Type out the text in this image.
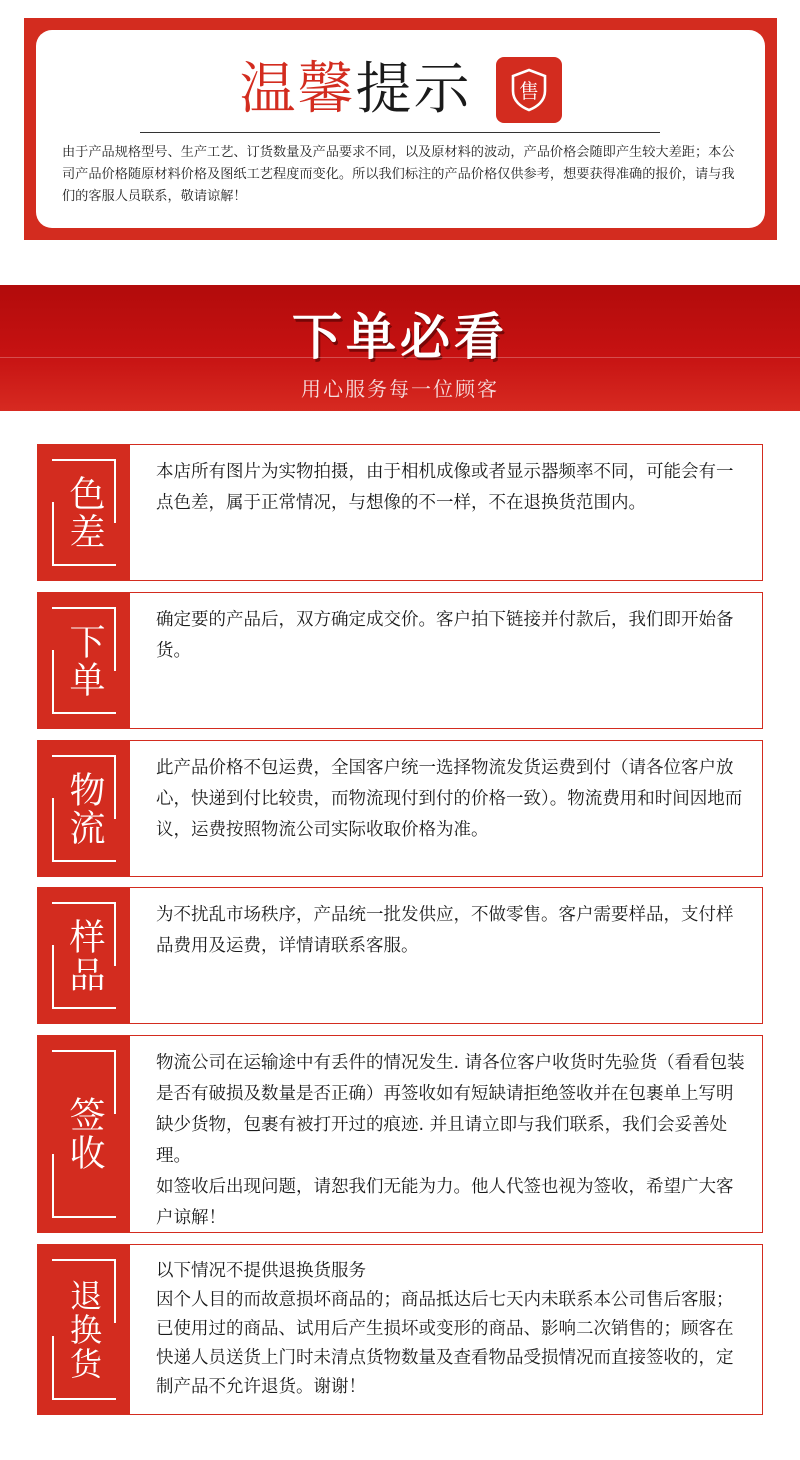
温馨提示 售
由于产品规格型号、生产工艺、订货数量及产品要求不同，以及原材料的波动，产品价格会随即产生较大差距；本公司产品价格随原材料价格及图纸工艺程度而变化。所以我们标注的产品价格仅供参考，想要获得准确的报价，请与我们的客服人员联系，敬请谅解！
下单必看
用心服务每一位顾客
色差

本店所有图片为实物拍摄，由于相机成像或者显示器频率不同，可能会有一点色差，属于正常情况，与想像的不一样，不在退换货范围内。

下单

确定要的产品后，双方确定成交价。客户拍下链接并付款后，我们即开始备货。

物流

此产品价格不包运费，全国客户统一选择物流发货运费到付（请各位客户放心，快递到付比较贵，而物流现付到付的价格一致）。物流费用和时间因地而议，运费按照物流公司实际收取价格为准。

样品

为不扰乱市场秩序，产品统一批发供应，不做零售。客户需要样品，支付样品费用及运费，详情请联系客服。

签收

物流公司在运输途中有丢件的情况发生. 请各位客户收货时先验货（看看包装是否有破损及数量是否正确）再签收如有短缺请拒绝签收并在包裹单上写明缺少货物，包裹有被打开过的痕迹. 并且请立即与我们联系，我们会妥善处理。

如签收后出现问题，请恕我们无能为力。他人代签也视为签收，希望广大客户谅解！

退换货

以下情况不提供退换货服务

因个人目的而故意损坏商品的；商品抵达后七天内未联系本公司售后客服；已使用过的商品、试用后产生损坏或变形的商品、影响二次销售的；顾客在快递人员送货上门时未清点货物数量及查看物品受损情况而直接签收的，定制产品不允许退货。谢谢！
